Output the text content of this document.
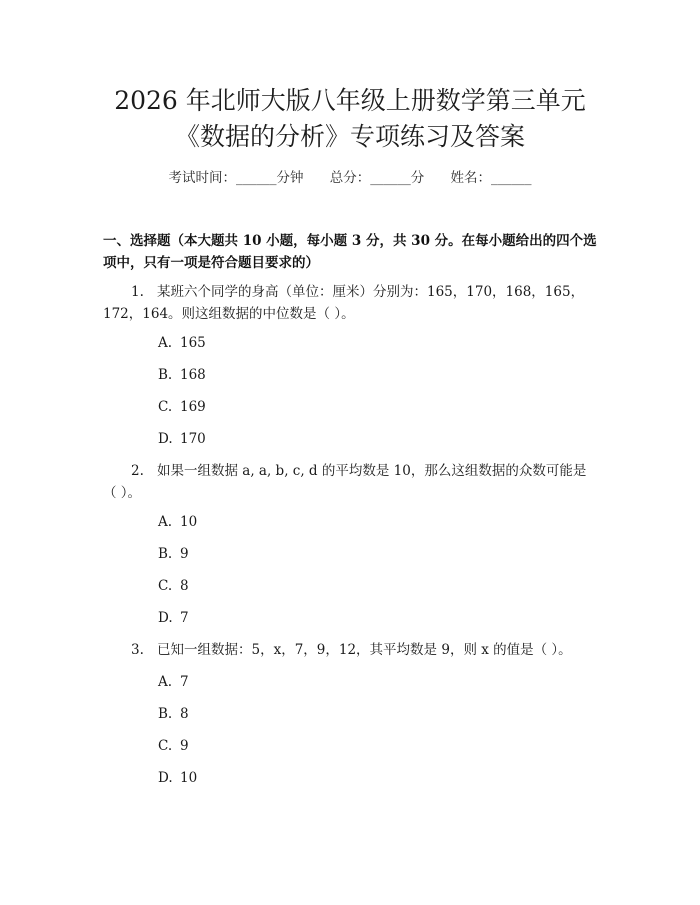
2026 年北师大版八年级上册数学第三单元
《数据的分析》专项练习及答案
考试时间：______分钟 总分：______分 姓名：______
一、选择题（本大题共 10 小题，每小题 3 分，共 30 分。在每小题给出的四个选项中，只有一项是符合题目要求的）
1. 某班六个同学的身高（单位：厘米）分别为：165，170，168，165，172，164。则这组数据的中位数是（ ）。
A. 165
B. 168
C. 169
D. 170
2. 如果一组数据 a, a, b, c, d 的平均数是 10，那么这组数据的众数可能是（ ）。
A. 10
B. 9
C. 8
D. 7
3. 已知一组数据：5，x，7，9，12，其平均数是 9，则 x 的值是（ ）。
A. 7
B. 8
C. 9
D. 10
